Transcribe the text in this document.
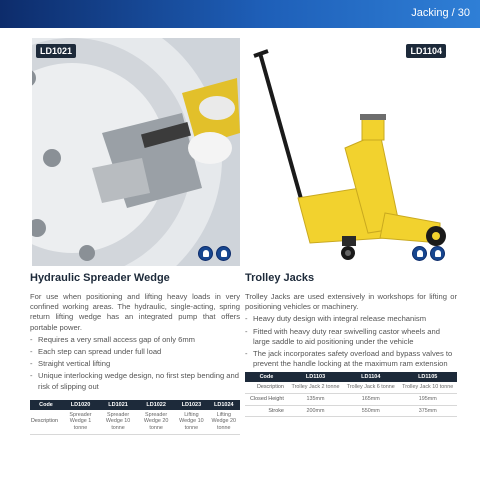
Jacking / 30
LD1021	LD1104
Hydraulic Spreader Wedge

For use when positioning and lifting heavy loads in very confined working areas. The hydraulic, single-acting, spring return lifting wedge has an integrated pump that offers portable power.

- Requires a very small access gap of only 6mm
- Each step can spread under full load
- Straight vertical lifting
- Unique interlocking wedge design, no first step bending and risk of slipping out
Code	LD1020	LD1021	LD1022	LD1023	LD1024
Description	Spreader Wedge 1 tonne	Spreader Wedge 10 tonne	Spreader Wedge 20 tonne	Lifting Wedge 10 tonne	Lifting Wedge 20 tonne
Trolley Jacks

Trolley Jacks are used extensively in workshops for lifting or positioning vehicles or machinery.

- Heavy duty design with integral release mechanism
- Fitted with heavy duty rear swivelling castor wheels and large saddle to aid positioning under the vehicle
- The jack incorporates safety overload and bypass valves to prevent the handle locking at the maximum ram extension
Code	LD1103	LD1104	LD1105
Description	Trolley Jack 2 tonne	Trolley Jack 6 tonne	Trolley Jack 10 tonne
Closed Height	135mm	165mm	195mm
Stroke	200mm	550mm	375mm
